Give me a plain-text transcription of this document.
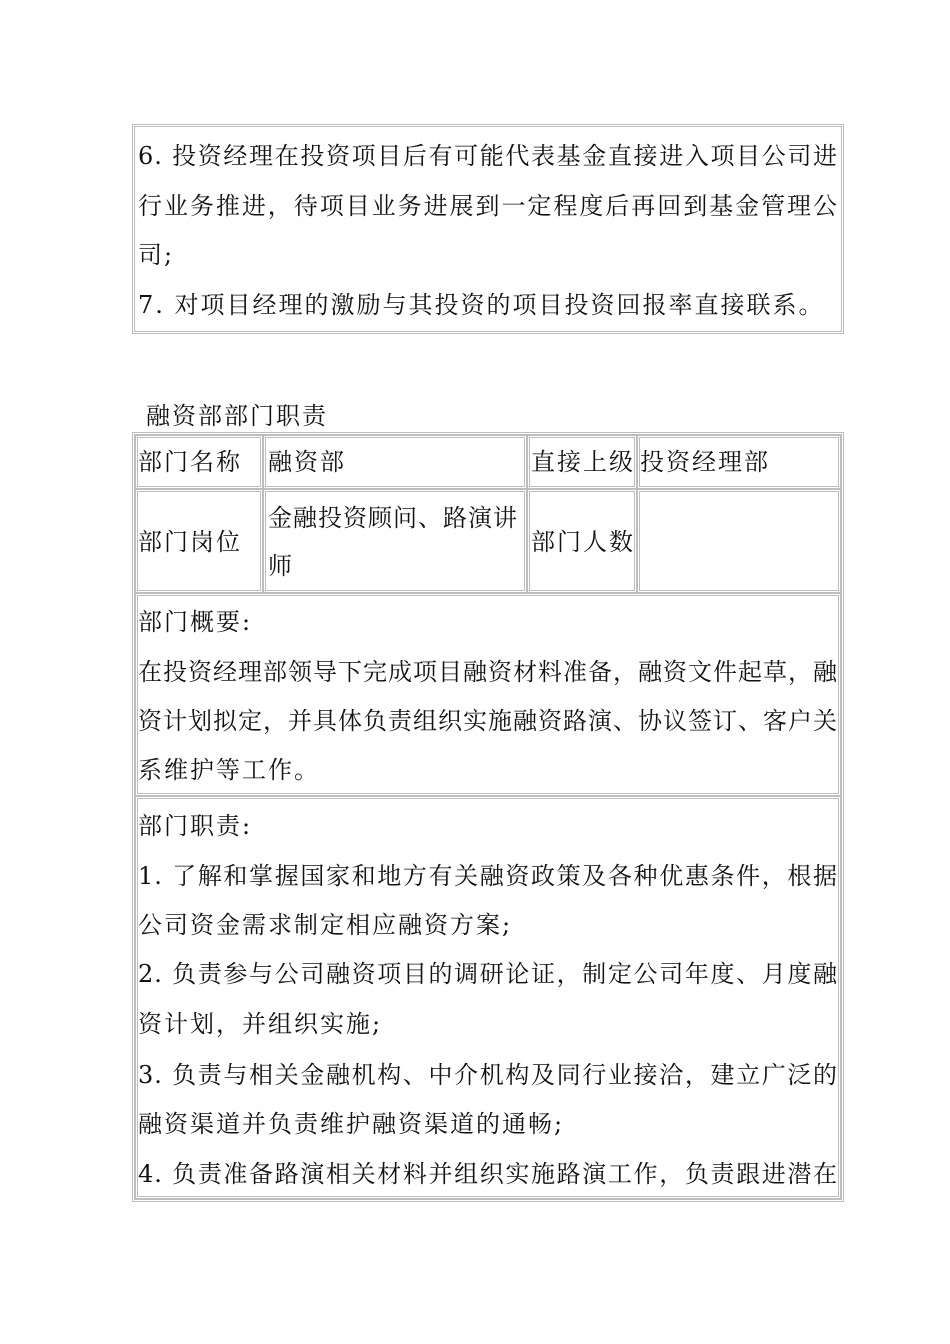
6. 投资经理在投资项目后有可能代表基金直接进入项目公司进
行业务推进，待项目业务进展到一定程度后再回到基金管理公
司;
7. 对项目经理的激励与其投资的项目投资回报率直接联系。
融资部部门职责
部门名称 融资部	直接上级 投资经理部
部门岗位
金融投资顾问、路演讲
师
部门人数
部门概要:
在投资经理部领导下完成项目融资材料准备，融资文件起草，融
资计划拟定，并具体负责组织实施融资路演、协议签订、客户关
系维护等工作。
部门职责:
1. 了解和掌握国家和地方有关融资政策及各种优惠条件，根据
公司资金需求制定相应融资方案;
2. 负责参与公司融资项目的调研论证，制定公司年度、月度融
资计划，并组织实施;
3. 负责与相关金融机构、中介机构及同行业接洽，建立广泛的
融资渠道并负责维护融资渠道的通畅;
4. 负责准备路演相关材料并组织实施路演工作，负责跟进潜在
